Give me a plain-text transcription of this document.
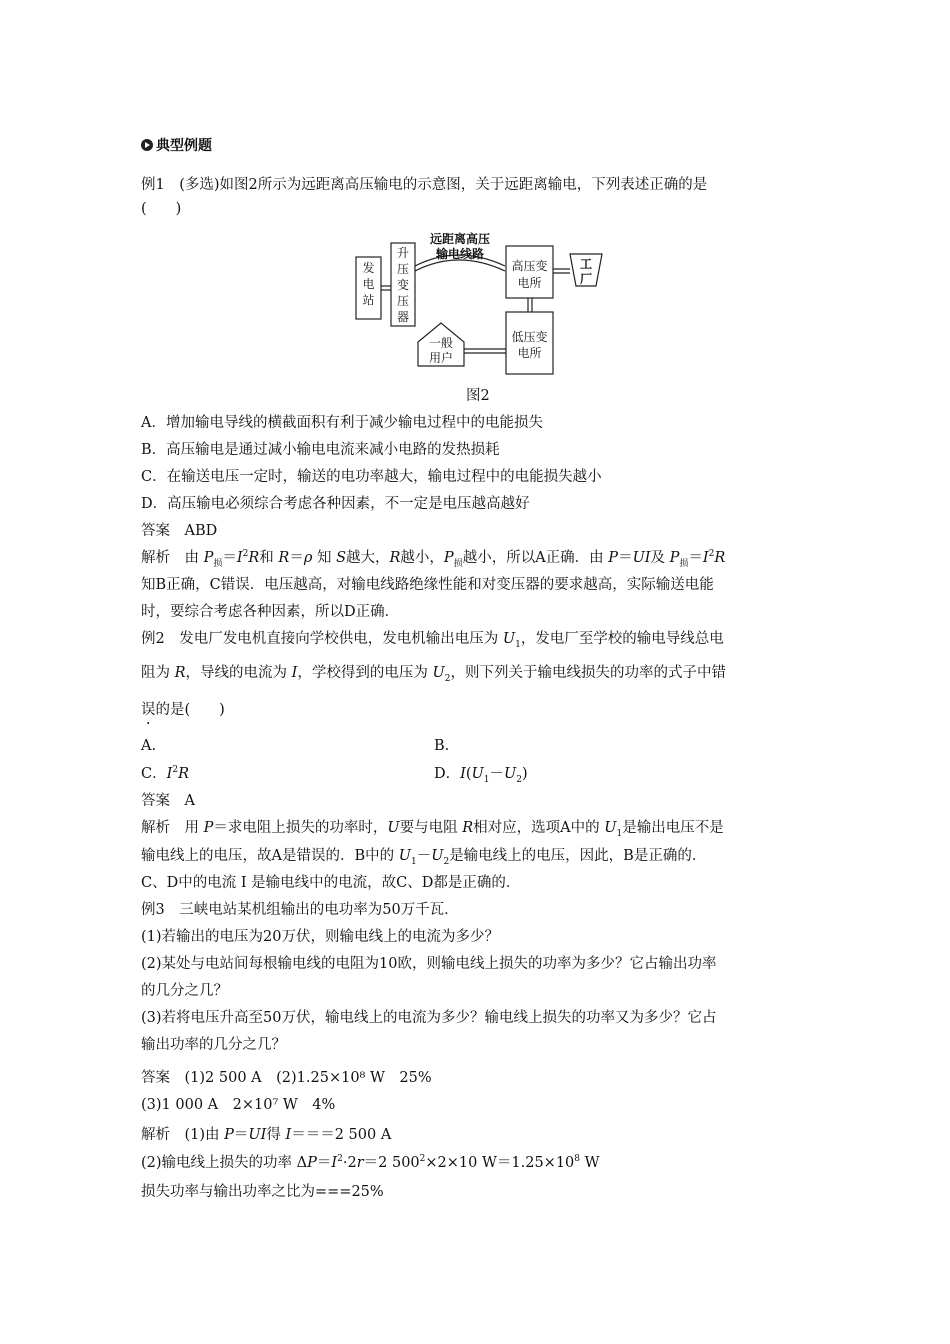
典型例题
例1　(多选)如图2所示为远距离高压输电的示意图，关于远距离输电，下列表述正确的是
(　　)
发
电
站
升
压
变
压
器
远距离高压
输电线路
高压变
电所
工
厂
低压变
电所
一般
用户
图2
A．增加输电导线的横截面积有利于减少输电过程中的电能损失
B．高压输电是通过减小输电电流来减小电路的发热损耗
C．在输送电压一定时，输送的电功率越大，输电过程中的电能损失越小
D．高压输电必须综合考虑各种因素，不一定是电压越高越好
答案　ABD
解析　由 $P_损=I^2R$和 R＝ρ 知 S越大，R越小，$P_损$越小，所以A正确．由 P＝UI及 $P_损=I^2R$
知B正确，C错误．电压越高，对输电线路绝缘性能和对变压器的要求越高，实际输送电能
时，要综合考虑各种因素，所以D正确．
例2　发电厂发电机直接向学校供电，发电机输出电压为 $U_1$，发电厂至学校的输电导线总电
阻为 R，导线的电流为 I，学校得到的电压为 $U_2$，则下列关于输电线损失的功率的式子中错
误的是(　　)
A.	B.
C．$I^2R$	D．$I(U_1-U_2)$
答案　A
解析　用 P＝求电阻上损失的功率时，U要与电阻 R相对应，选项A中的 $U_1$是输出电压不是
输电线上的电压，故A是错误的．B中的 $U_1-U_2$是输电线上的电压，因此，B是正确的．
C、D中的电流 I 是输电线中的电流，故C、D都是正确的．
例3　三峡电站某机组输出的电功率为50万千瓦．
(1)若输出的电压为20万伏，则输电线上的电流为多少？
(2)某处与电站间每根输电线的电阻为10欧，则输电线上损失的功率为多少？它占输出功率
的几分之几？
(3)若将电压升高至50万伏，输电线上的电流为多少？输电线上损失的功率又为多少？它占
输出功率的几分之几？
答案　(1)2 500 A　(2)1.25×10⁸ W　25%
(3)1 000 A　2×10⁷ W　4%
解析　(1)由 P＝UI得 I＝＝＝2 500 A
(2)输电线上损失的功率 $\Delta P=I^2\cdot 2r=2$ $500^2\times 2\times 10$ $W=1.25\times 10^8$ W
损失功率与输出功率之比为===25%
